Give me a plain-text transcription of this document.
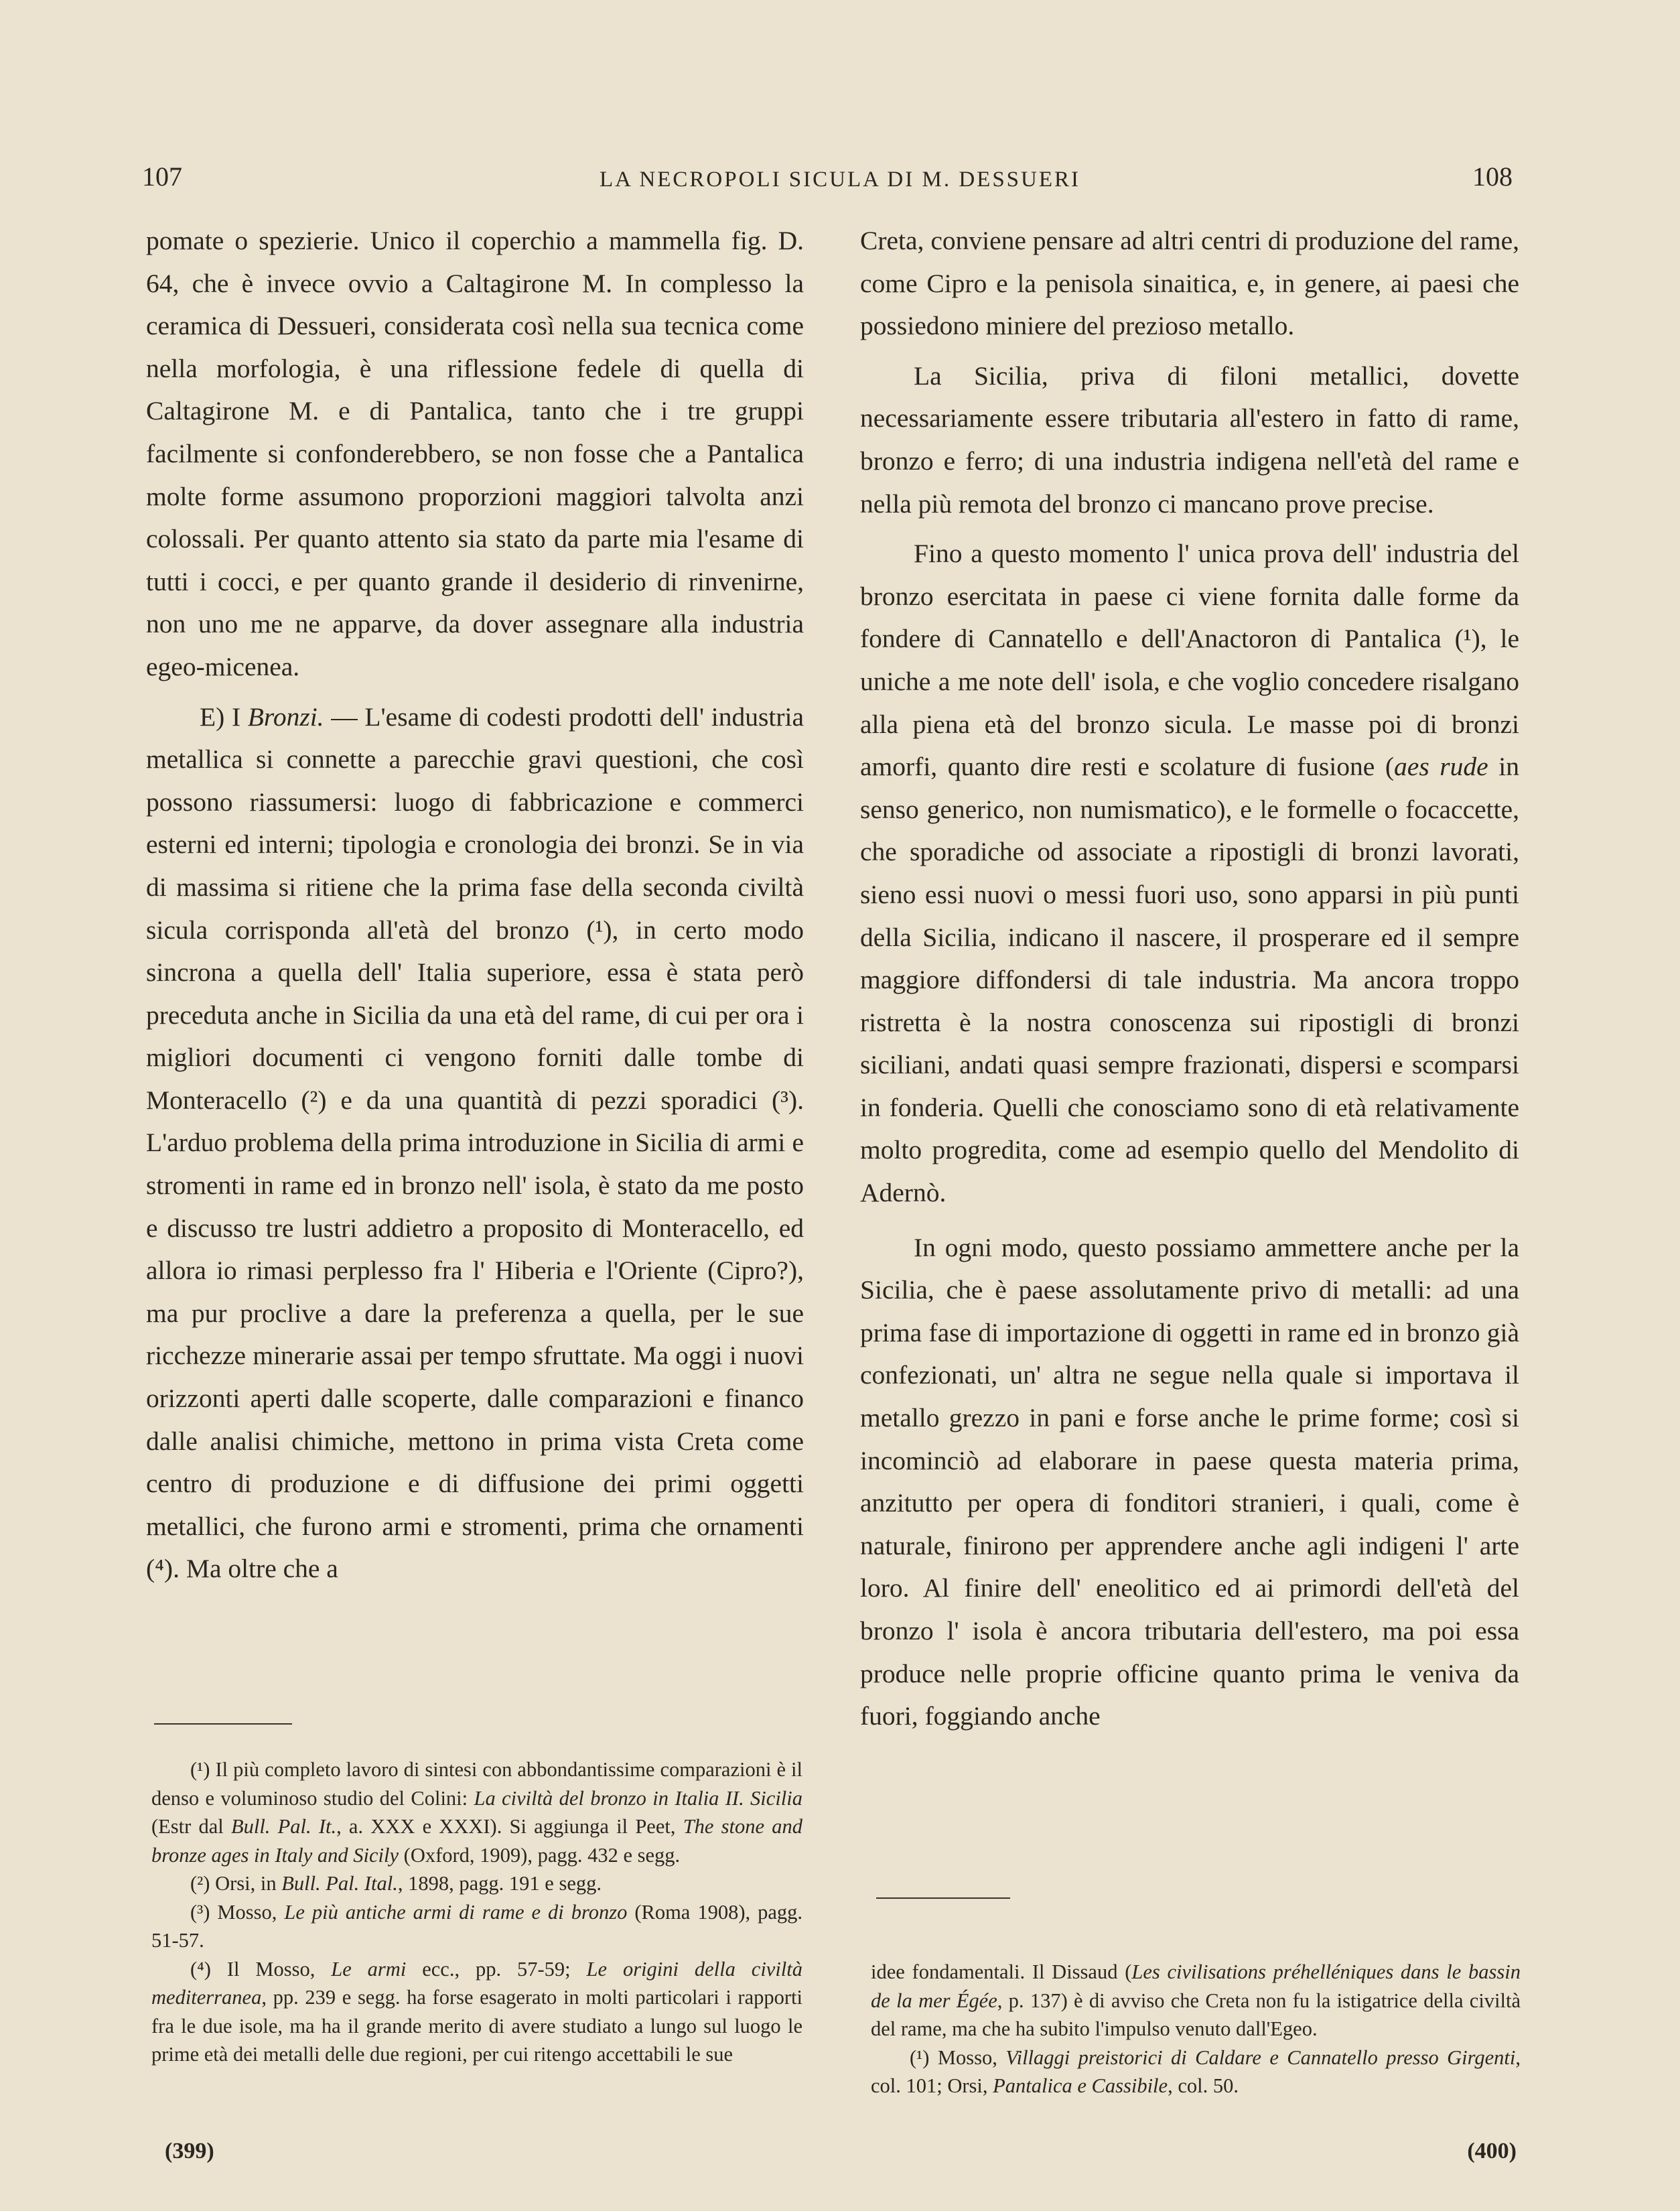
107	LA NECROPOLI SICULA DI M. DESSUERI	108

pomate o spezierie. Unico il coperchio a mammella fig. D. 64, che è invece ovvio a Caltagirone M. In complesso la ceramica di Dessueri, considerata così nella sua tecnica come nella morfologia, è una riflessione fedele di quella di Caltagirone M. e di Pantalica, tanto che i tre gruppi facilmente si confonderebbero, se non fosse che a Pantalica molte forme assumono proporzioni maggiori talvolta anzi colossali. Per quanto attento sia stato da parte mia l'esame di tutti i cocci, e per quanto grande il desiderio di rinvenirne, non uno me ne apparve, da dover assegnare alla industria egeo-micenea.

E) I Bronzi. — L'esame di codesti prodotti dell' industria metallica si connette a parecchie gravi questioni, che così possono riassumersi: luogo di fabbricazione e commerci esterni ed interni; tipologia e cronologia dei bronzi. Se in via di massima si ritiene che la prima fase della seconda civiltà sicula corrisponda all'età del bronzo (¹), in certo modo sincrona a quella dell' Italia superiore, essa è stata però preceduta anche in Sicilia da una età del rame, di cui per ora i migliori documenti ci vengono forniti dalle tombe di Monteracello (²) e da una quantità di pezzi sporadici (³). L'arduo problema della prima introduzione in Sicilia di armi e stromenti in rame ed in bronzo nell' isola, è stato da me posto e discusso tre lustri addietro a proposito di Monteracello, ed allora io rimasi perplesso fra l' Hiberia e l'Oriente (Cipro?), ma pur proclive a dare la preferenza a quella, per le sue ricchezze minerarie assai per tempo sfruttate. Ma oggi i nuovi orizzonti aperti dalle scoperte, dalle comparazioni e financo dalle analisi chimiche, mettono in prima vista Creta come centro di produzione e di diffusione dei primi oggetti metallici, che furono armi e stromenti, prima che ornamenti (⁴). Ma oltre che a

Creta, conviene pensare ad altri centri di produzione del rame, come Cipro e la penisola sinaitica, e, in genere, ai paesi che possiedono miniere del prezioso metallo.

La Sicilia, priva di filoni metallici, dovette necessariamente essere tributaria all'estero in fatto di rame, bronzo e ferro; di una industria indigena nell'età del rame e nella più remota del bronzo ci mancano prove precise.

Fino a questo momento l' unica prova dell' industria del bronzo esercitata in paese ci viene fornita dalle forme da fondere di Cannatello e dell'Anactoron di Pantalica (¹), le uniche a me note dell' isola, e che voglio concedere risalgano alla piena età del bronzo sicula. Le masse poi di bronzi amorfi, quanto dire resti e scolature di fusione (aes rude in senso generico, non numismatico), e le formelle o focaccette, che sporadiche od associate a ripostigli di bronzi lavorati, sieno essi nuovi o messi fuori uso, sono apparsi in più punti della Sicilia, indicano il nascere, il prosperare ed il sempre maggiore diffondersi di tale industria. Ma ancora troppo ristretta è la nostra conoscenza sui ripostigli di bronzi siciliani, andati quasi sempre frazionati, dispersi e scomparsi in fonderia. Quelli che conosciamo sono di età relativamente molto progredita, come ad esempio quello del Mendolito di Adernò.

In ogni modo, questo possiamo ammettere anche per la Sicilia, che è paese assolutamente privo di metalli: ad una prima fase di importazione di oggetti in rame ed in bronzo già confezionati, un' altra ne segue nella quale si importava il metallo grezzo in pani e forse anche le prime forme; così si incominciò ad elaborare in paese questa materia prima, anzitutto per opera di fonditori stranieri, i quali, come è naturale, finirono per apprendere anche agli indigeni l' arte loro. Al finire dell' eneolitico ed ai primordi dell'età del bronzo l' isola è ancora tributaria dell'estero, ma poi essa produce nelle proprie officine quanto prima le veniva da fuori, foggiando anche

(¹) Il più completo lavoro di sintesi con abbondantissime comparazioni è il denso e voluminoso studio del Colini: La civiltà del bronzo in Italia II. Sicilia (Estr dal Bull. Pal. It., a. XXX e XXXI). Si aggiunga il Peet, The stone and bronze ages in Italy and Sicily (Oxford, 1909), pagg. 432 e segg.

(²) Orsi, in Bull. Pal. Ital., 1898, pagg. 191 e segg.

(³) Mosso, Le più antiche armi di rame e di bronzo (Roma 1908), pagg. 51-57.

(⁴) Il Mosso, Le armi ecc., pp. 57-59; Le origini della civiltà mediterranea, pp. 239 e segg. ha forse esagerato in molti particolari i rapporti fra le due isole, ma ha il grande merito di avere studiato a lungo sul luogo le prime età dei metalli delle due regioni, per cui ritengo accettabili le sue

idee fondamentali. Il Dissaud (Les civilisations préhelléniques dans le bassin de la mer Égée, p. 137) è di avviso che Creta non fu la istigatrice della civiltà del rame, ma che ha subito l'impulso venuto dall'Egeo.

(¹) Mosso, Villaggi preistorici di Caldare e Cannatello presso Girgenti, col. 101; Orsi, Pantalica e Cassibile, col. 50.

(399)	(400)
